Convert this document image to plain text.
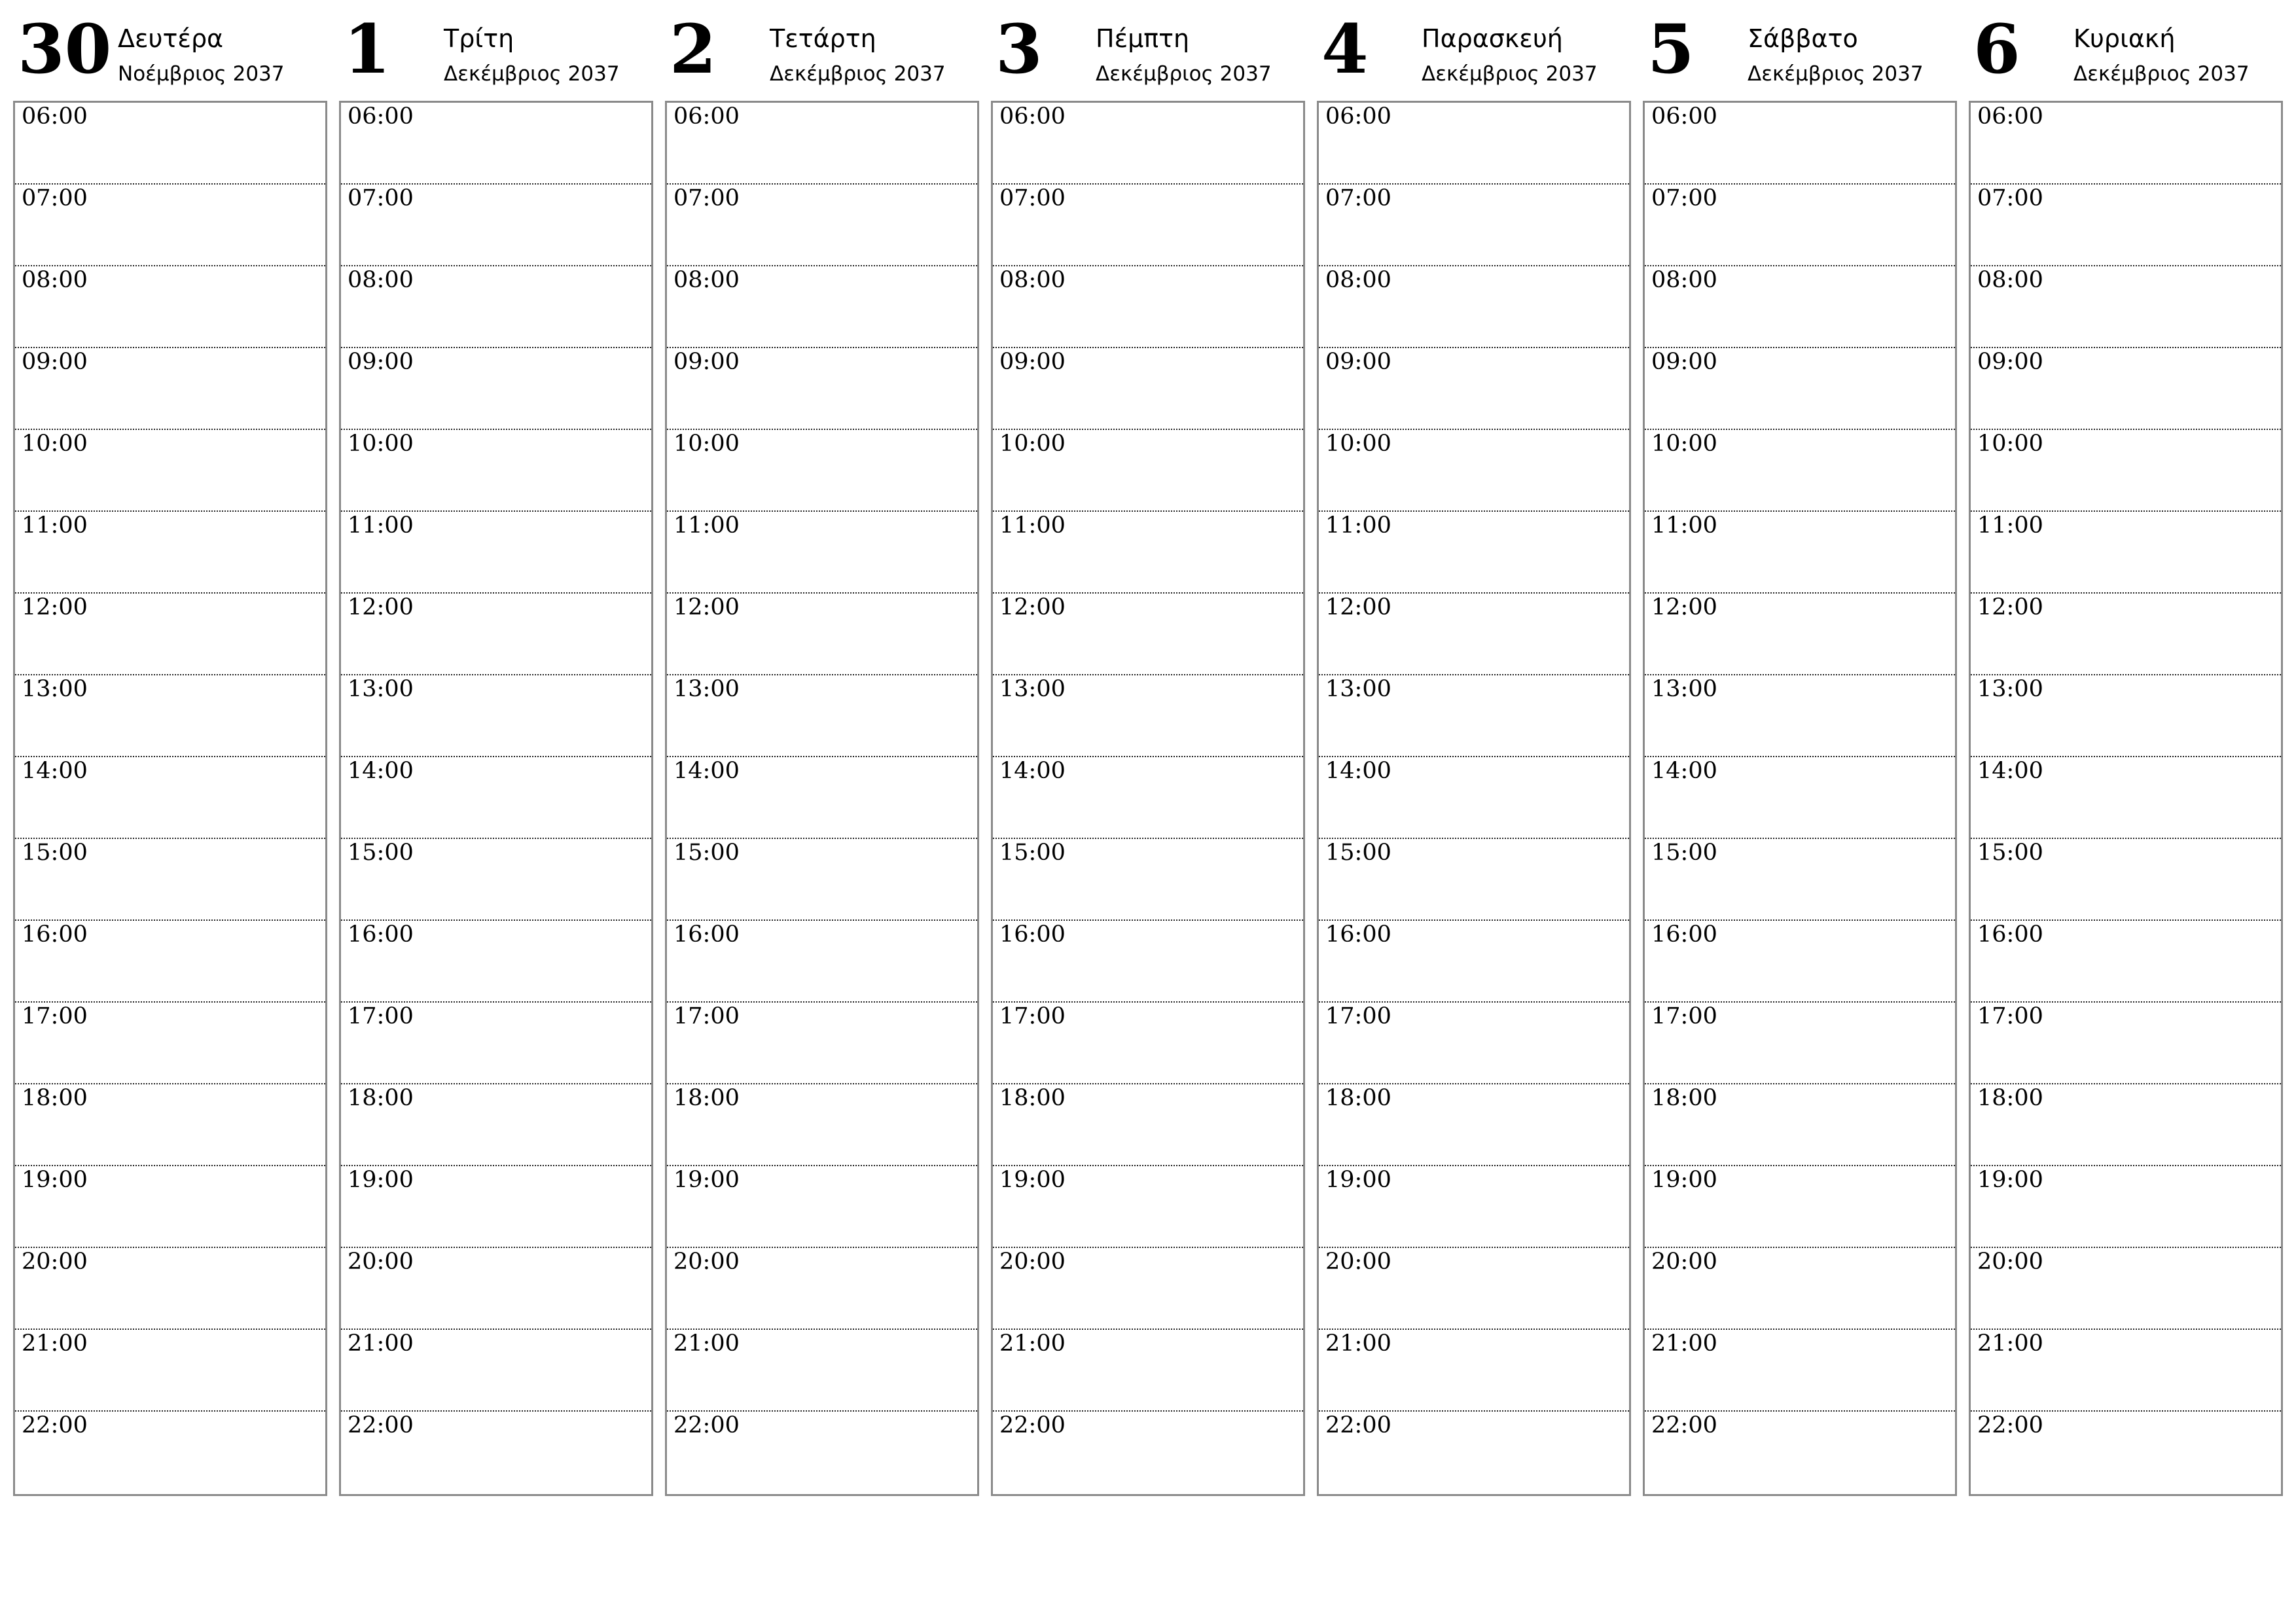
30 Δευτέρα
Νοέμβριος 2037
06:00
07:00
08:00
09:00
10:00
11:00
12:00
13:00
14:00
15:00
16:00
17:00
18:00
19:00
20:00
21:00
22:00
1 Τρίτη
Δεκέμβριος 2037
06:00
07:00
08:00
09:00
10:00
11:00
12:00
13:00
14:00
15:00
16:00
17:00
18:00
19:00
20:00
21:00
22:00
2 Τετάρτη
Δεκέμβριος 2037
06:00
07:00
08:00
09:00
10:00
11:00
12:00
13:00
14:00
15:00
16:00
17:00
18:00
19:00
20:00
21:00
22:00
3 Πέμπτη
Δεκέμβριος 2037
06:00
07:00
08:00
09:00
10:00
11:00
12:00
13:00
14:00
15:00
16:00
17:00
18:00
19:00
20:00
21:00
22:00
4 Παρασκευή
Δεκέμβριος 2037
06:00
07:00
08:00
09:00
10:00
11:00
12:00
13:00
14:00
15:00
16:00
17:00
18:00
19:00
20:00
21:00
22:00
5 Σάββατο
Δεκέμβριος 2037
06:00
07:00
08:00
09:00
10:00
11:00
12:00
13:00
14:00
15:00
16:00
17:00
18:00
19:00
20:00
21:00
22:00
6 Κυριακή
Δεκέμβριος 2037
06:00
07:00
08:00
09:00
10:00
11:00
12:00
13:00
14:00
15:00
16:00
17:00
18:00
19:00
20:00
21:00
22:00
